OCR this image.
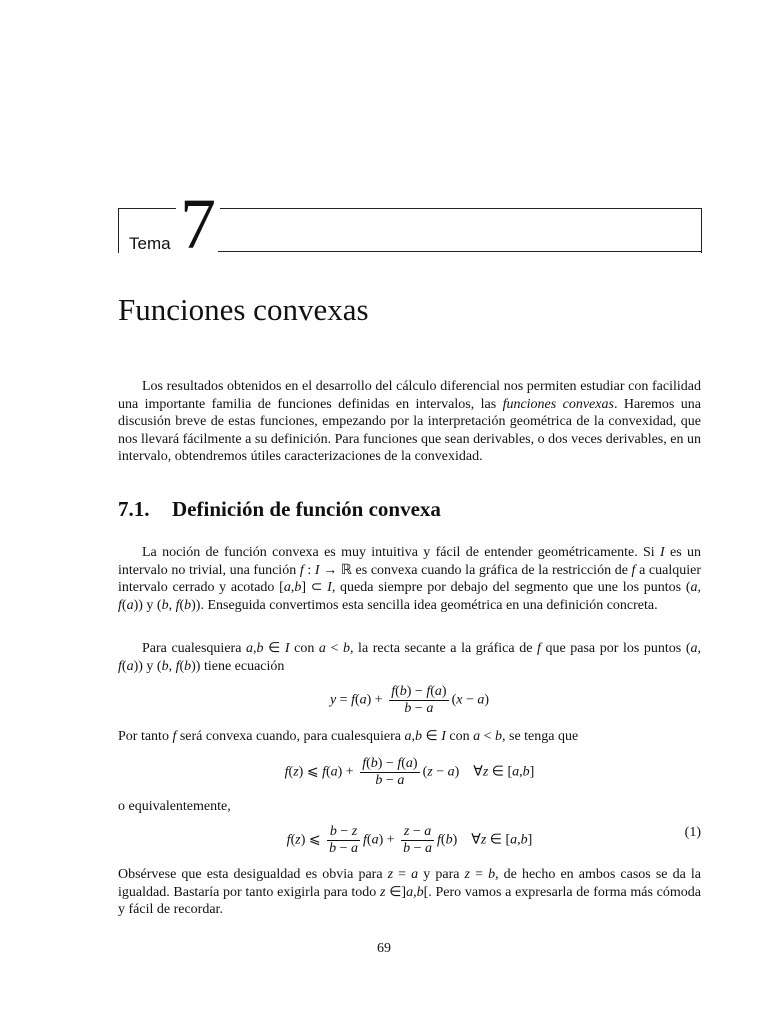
Tema 7
Funciones convexas

Los resultados obtenidos en el desarrollo del cálculo diferencial nos permiten estudiar con facilidad una importante familia de funciones definidas en intervalos, las funciones convexas. Haremos una discusión breve de estas funciones, empezando por la interpretación geométrica de la convexidad, que nos llevará fácilmente a su definición. Para funciones que sean derivables, o dos veces derivables, en un intervalo, obtendremos útiles caracterizaciones de la convexidad.

7.1. Definición de función convexa

La noción de función convexa es muy intuitiva y fácil de entender geométricamente. Si I es un intervalo no trivial, una función f : I → ℝ es convexa cuando la gráfica de la restricción de f a cualquier intervalo cerrado y acotado [a,b] ⊂ I, queda siempre por debajo del segmento que une los puntos (a, f(a)) y (b, f(b)). Enseguida convertimos esta sencilla idea geométrica en una definición concreta.

Para cualesquiera a,b ∈ I con a < b, la recta secante a la gráfica de f que pasa por los puntos (a, f(a)) y (b, f(b)) tiene ecuación

$y = f(a) + \frac{f(b) - f(a)}{b - a} (x - a)$

Por tanto f será convexa cuando, para cualesquiera a,b ∈ I con a < b, se tenga que

f(z) ⩽ $f(a) + \frac{f(b) - f(a)}{b - a} (z - a)$    ∀z ∈ [a,b]

o equivalentemente,

f(z) ⩽ $\frac{b - z}{b - a} f(a) + \frac{z - a}{b - a} f(b)$    ∀z ∈ [a,b]
(1)

Obsérvese que esta desigualdad es obvia para z = a y para z = b, de hecho en ambos casos se da la igualdad. Bastaría por tanto exigirla para todo z ∈]a,b[. Pero vamos a expresarla de forma más cómoda y fácil de recordar.

69
